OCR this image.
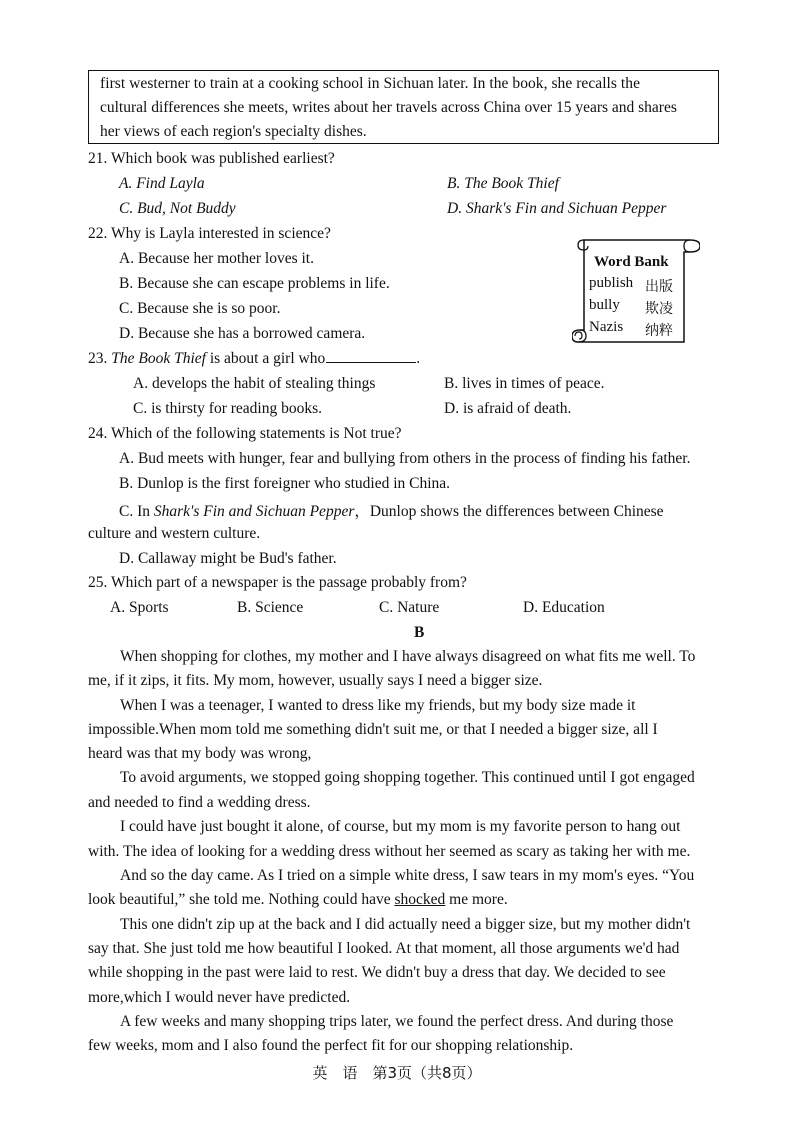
first westerner to train at a cooking school in Sichuan later. In the book, she recalls the
cultural differences she meets, writes about her travels across China over 15 years and shares
her views of each region's specialty dishes.
21. Which book was published earliest?
A. Find Layla	B. The Book Thief
C. Bud, Not Buddy	D. Shark's Fin and Sichuan Pepper
22. Why is Layla interested in science?
A. Because her mother loves it.
B. Because she can escape problems in life.
C. Because she is so poor.
D. Because she has a borrowed camera.
Word Bank
publish 出版
bully 欺凌
Nazis 纳粹
23. The Book Thief is about a girl who	.
A. develops the habit of stealing things	B. lives in times of peace.
C. is thirsty for reading books.	D. is afraid of death.
24. Which of the following statements is Not true?
A. Bud meets with hunger, fear and bullying from others in the process of finding his father.
B. Dunlop is the first foreigner who studied in China.
C. In Shark's Fin and Sichuan Pepper，Dunlop shows the differences between Chinese
culture and western culture.
D. Callaway might be Bud's father.
25. Which part of a newspaper is the passage probably from?
A. Sports	B. Science	C. Nature	D. Education
B
When shopping for clothes, my mother and I have always disagreed on what fits me well. To
me, if it zips, it fits. My mom, however, usually says I need a bigger size.
When I was a teenager, I wanted to dress like my friends, but my body size made it
impossible.When mom told me something didn't suit me, or that I needed a bigger size, all I
heard was that my body was wrong,
To avoid arguments, we stopped going shopping together. This continued until I got engaged
and needed to find a wedding dress.
I could have just bought it alone, of course, but my mom is my favorite person to hang out
with. The idea of looking for a wedding dress without her seemed as scary as taking her with me.
And so the day came. As I tried on a simple white dress, I saw tears in my mom's eyes. “You
look beautiful,” she told me. Nothing could have shocked me more.
This one didn't zip up at the back and I did actually need a bigger size, but my mother didn't
say that. She just told me how beautiful I looked. At that moment, all those arguments we'd had
while shopping in the past were laid to rest. We didn't buy a dress that day. We decided to see
more,which I would never have predicted.
A few weeks and many shopping trips later, we found the perfect dress. And during those
few weeks, mom and I also found the perfect fit for our shopping relationship.
英　语　第3页（共8页）
